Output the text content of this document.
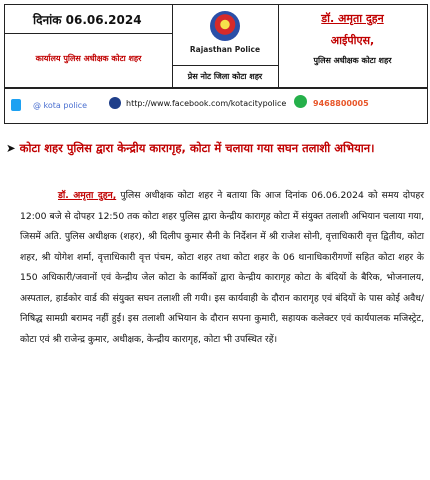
दिनांक 06.06.2024
कार्यालय पुलिस अधीक्षक कोटा शहर
Rajasthan Police
प्रेस नोट जिला कोटा शहर
डॉ. अमृता दुहन
आईपीएस,
पुलिस अधीक्षक कोटा शहर
@ kota police	http://www.facebook.com/kotacitypolice	9468800005
➤ कोटा शहर पुलिस द्वारा केन्द्रीय कारागृह, कोटा में चलाया गया सघन तलाशी अभियान।
डॉ. अमृता दुहन, पुलिस अधीक्षक कोटा शहर ने बताया कि आज दिनांक 06.06.2024 को समय दोपहर 12:00 बजे से दोपहर 12:50 तक कोटा शहर पुलिस द्वारा केन्द्रीय कारागृह कोटा में संयुक्त तलाशी अभियान चलाया गया, जिसमें अति. पुलिस अधीक्षक (शहर), श्री दिलीप कुमार सैनी के निर्देशन में श्री राजेश सोनी, वृत्ताधिकारी वृत्त द्वितीय, कोटा शहर, श्री योगेश शर्मा, वृत्ताधिकारी वृत्त पंचम, कोटा शहर तथा कोटा शहर के 06 थानाधिकारीगणों सहित कोटा शहर के 150 अधिकारी/जवानों एवं केन्द्रीय जेल कोटा के कार्मिकों द्वारा केन्द्रीय कारागृह कोटा के बंदियों के बैरिक, भोजनालय, अस्पताल, हार्डकोर वार्ड की संयुक्त सघन तलाशी ली गयी। इस कार्यवाही के दौरान कारागृह एवं बंदियों के पास कोई अवैध/निषिद्ध सामग्री बरामद नहीं हुई। इस तलाशी अभियान के दौरान सपना कुमारी, सहायक कलेक्टर एवं कार्यपालक मजिस्ट्रेट, कोटा एवं श्री राजेन्द्र कुमार, अधीक्षक, केन्द्रीय कारागृह, कोटा भी उपस्थित रहें।
